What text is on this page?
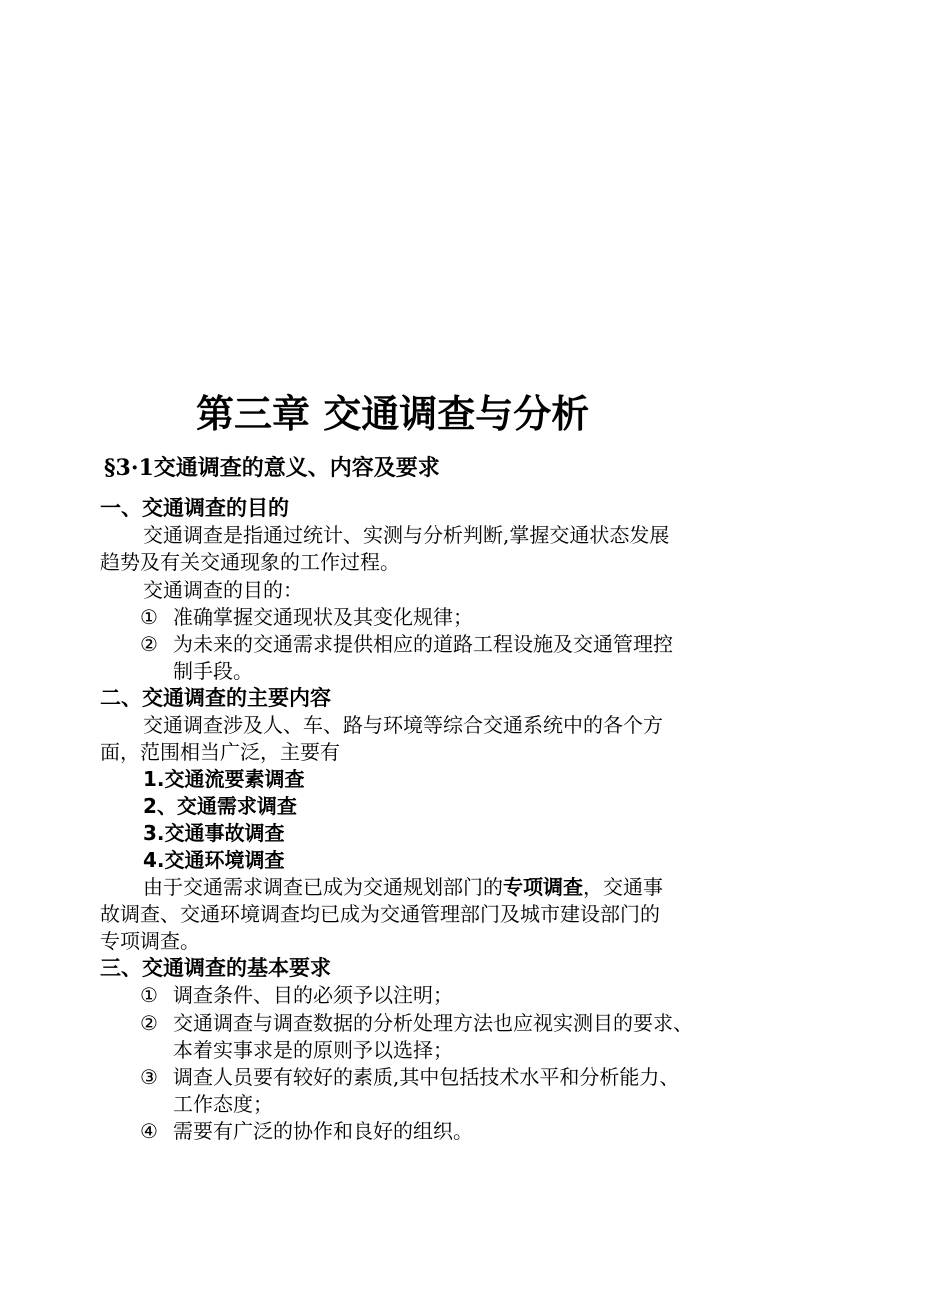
第三章 交通调查与分析
§3·1交通调查的意义、内容及要求
一、交通调查的目的
交通调查是指通过统计、实测与分析判断,掌握交通状态发展
趋势及有关交通现象的工作过程。
交通调查的目的：
① 准确掌握交通现状及其变化规律；
② 为未来的交通需求提供相应的道路工程设施及交通管理控
制手段。
二、交通调查的主要内容
交通调查涉及人、车、路与环境等综合交通系统中的各个方
面，范围相当广泛，主要有
1.交通流要素调查
2、交通需求调查
3.交通事故调查
4.交通环境调查
由于交通需求调查已成为交通规划部门的专项调查，交通事
故调查、交通环境调查均已成为交通管理部门及城市建设部门的
专项调查。
三、交通调查的基本要求
① 调查条件、目的必须予以注明；
② 交通调查与调查数据的分析处理方法也应视实测目的要求、
本着实事求是的原则予以选择；
③ 调查人员要有较好的素质,其中包括技术水平和分析能力、
工作态度；
④ 需要有广泛的协作和良好的组织。
